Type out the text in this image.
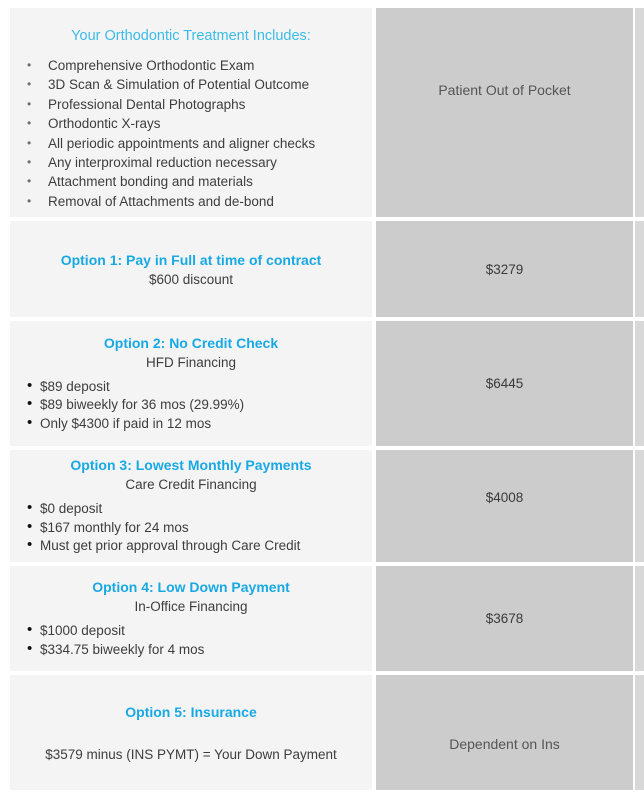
Your Orthodontic Treatment Includes:
• Comprehensive Orthodontic Exam
• 3D Scan & Simulation of Potential Outcome
• Professional Dental Photographs
• Orthodontic X-rays
• All periodic appointments and aligner checks
• Any interproximal reduction necessary
• Attachment bonding and materials
• Removal of Attachments and de-bond
Patient Out of Pocket

Option 1: Pay in Full at time of contract

$600 discount

$3279

Option 2: No Credit Check

HFD Financing

• $89 deposit
• $89 biweekly for 36 mos (29.99%)
• Only $4300 if paid in 12 mos
$6445

Option 3: Lowest Monthly Payments

Care Credit Financing

• $0 deposit
• $167 monthly for 24 mos
• Must get prior approval through Care Credit
$4008

Option 4: Low Down Payment

In-Office Financing

• $1000 deposit
• $334.75 biweekly for 4 mos
$3678

Option 5: Insurance

$3579 minus (INS PYMT) = Your Down Payment

Dependent on Ins
